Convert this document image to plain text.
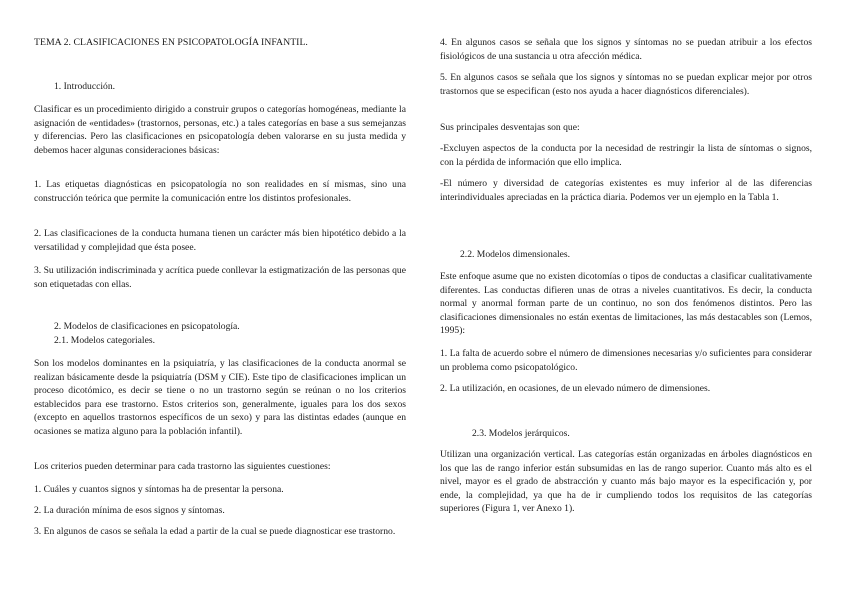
TEMA 2. CLASIFICACIONES EN PSICOPATOLOGÍA INFANTIL.

1. Introducción.

Clasificar es un procedimiento dirigido a construir grupos o categorías homogéneas, mediante la asignación de «entidades» (trastornos, personas, etc.) a tales categorías en base a sus semejanzas y diferencias. Pero las clasificaciones en psicopatología deben valorarse en su justa medida y debemos hacer algunas consideraciones básicas:

1. Las etiquetas diagnósticas en psicopatología no son realidades en sí mismas, sino una construcción teórica que permite la comunicación entre los distintos profesionales.

2. Las clasificaciones de la conducta humana tienen un carácter más bien hipotético debido a la versatilidad y complejidad que ésta posee.

3. Su utilización indiscriminada y acrítica puede conllevar la estigmatización de las personas que son etiquetadas con ellas.

2. Modelos de clasificaciones en psicopatología.

2.1. Modelos categoriales.

Son los modelos dominantes en la psiquiatría, y las clasificaciones de la conducta anormal se realizan básicamente desde la psiquiatría (DSM y CIE). Este tipo de clasificaciones implican un proceso dicotómico, es decir se tiene o no un trastorno según se reúnan o no los criterios establecidos para ese trastorno. Estos criterios son, generalmente, iguales para los dos sexos (excepto en aquellos trastornos específicos de un sexo) y para las distintas edades (aunque en ocasiones se matiza alguno para la población infantil).

Los criterios pueden determinar para cada trastorno las siguientes cuestiones:

1. Cuáles y cuantos signos y síntomas ha de presentar la persona.

2. La duración mínima de esos signos y síntomas.

3. En algunos de casos se señala la edad a partir de la cual se puede diagnosticar ese trastorno.

4. En algunos casos se señala que los signos y síntomas no se puedan atribuir a los efectos fisiológicos de una sustancia u otra afección médica.

5. En algunos casos se señala que los signos y síntomas no se puedan explicar mejor por otros trastornos que se especifican (esto nos ayuda a hacer diagnósticos diferenciales).

Sus principales desventajas son que:

-Excluyen aspectos de la conducta por la necesidad de restringir la lista de síntomas o signos, con la pérdida de información que ello implica.

-El número y diversidad de categorías existentes es muy inferior al de las diferencias interindividuales apreciadas en la práctica diaria. Podemos ver un ejemplo en la Tabla 1.

2.2. Modelos dimensionales.

Este enfoque asume que no existen dicotomías o tipos de conductas a clasificar cualitativamente diferentes. Las conductas difieren unas de otras a niveles cuantitativos. Es decir, la conducta normal y anormal forman parte de un continuo, no son dos fenómenos distintos. Pero las clasificaciones dimensionales no están exentas de limitaciones, las más destacables son (Lemos, 1995):

1. La falta de acuerdo sobre el número de dimensiones necesarias y/o suficientes para considerar un problema como psicopatológico.

2. La utilización, en ocasiones, de un elevado número de dimensiones.

2.3. Modelos jerárquicos.

Utilizan una organización vertical. Las categorías están organizadas en árboles diagnósticos en los que las de rango inferior están subsumidas en las de rango superior. Cuanto más alto es el nivel, mayor es el grado de abstracción y cuanto más bajo mayor es la especificación y, por ende, la complejidad, ya que ha de ir cumpliendo todos los requisitos de las categorías superiores (Figura 1, ver Anexo 1).
